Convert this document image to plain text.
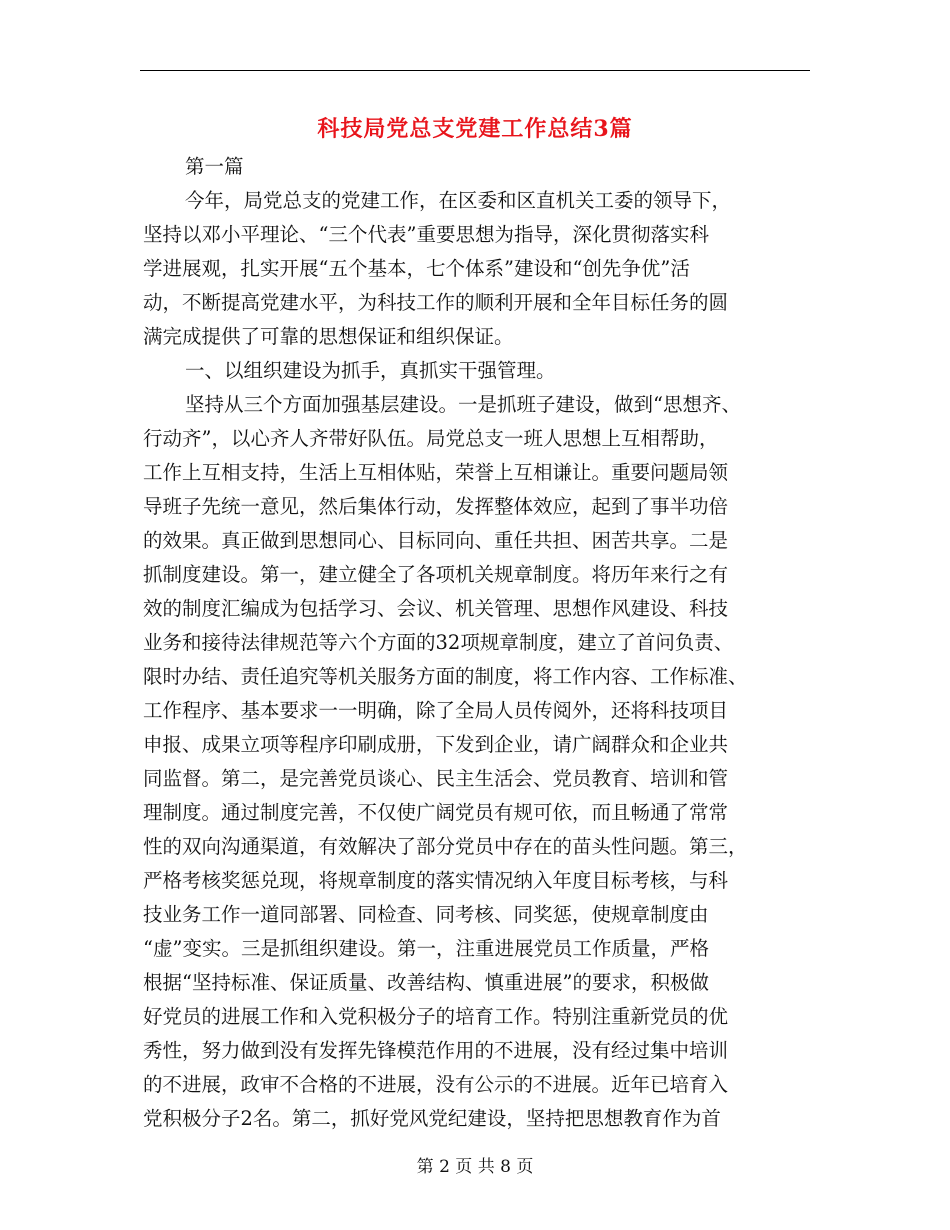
科技局党总支党建工作总结3篇
第一篇
今年，局党总支的党建工作，在区委和区直机关工委的领导下，
坚持以邓小平理论、“三个代表”重要思想为指导，深化贯彻落实科
学进展观，扎实开展“五个基本，七个体系”建设和“创先争优”活
动，不断提高党建水平，为科技工作的顺利开展和全年目标任务的圆
满完成提供了可靠的思想保证和组织保证。
一、以组织建设为抓手，真抓实干强管理。
坚持从三个方面加强基层建设。一是抓班子建设，做到“思想齐、
行动齐”，以心齐人齐带好队伍。局党总支一班人思想上互相帮助，
工作上互相支持，生活上互相体贴，荣誉上互相谦让。重要问题局领
导班子先统一意见，然后集体行动，发挥整体效应，起到了事半功倍
的效果。真正做到思想同心、目标同向、重任共担、困苦共享。二是
抓制度建设。第一，建立健全了各项机关规章制度。将历年来行之有
效的制度汇编成为包括学习、会议、机关管理、思想作风建设、科技
业务和接待法律规范等六个方面的32项规章制度，建立了首问负责、
限时办结、责任追究等机关服务方面的制度，将工作内容、工作标准、
工作程序、基本要求一一明确，除了全局人员传阅外，还将科技项目
申报、成果立项等程序印刷成册，下发到企业，请广阔群众和企业共
同监督。第二，是完善党员谈心、民主生活会、党员教育、培训和管
理制度。通过制度完善，不仅使广阔党员有规可依，而且畅通了常常
性的双向沟通渠道，有效解决了部分党员中存在的苗头性问题。第三，
严格考核奖惩兑现，将规章制度的落实情况纳入年度目标考核，与科
技业务工作一道同部署、同检查、同考核、同奖惩，使规章制度由
“虚”变实。三是抓组织建设。第一，注重进展党员工作质量，严格
根据“坚持标准、保证质量、改善结构、慎重进展”的要求，积极做
好党员的进展工作和入党积极分子的培育工作。特别注重新党员的优
秀性，努力做到没有发挥先锋模范作用的不进展，没有经过集中培训
的不进展，政审不合格的不进展，没有公示的不进展。近年已培育入
党积极分子2名。第二，抓好党风党纪建设，坚持把思想教育作为首
第 2 页 共 8 页
